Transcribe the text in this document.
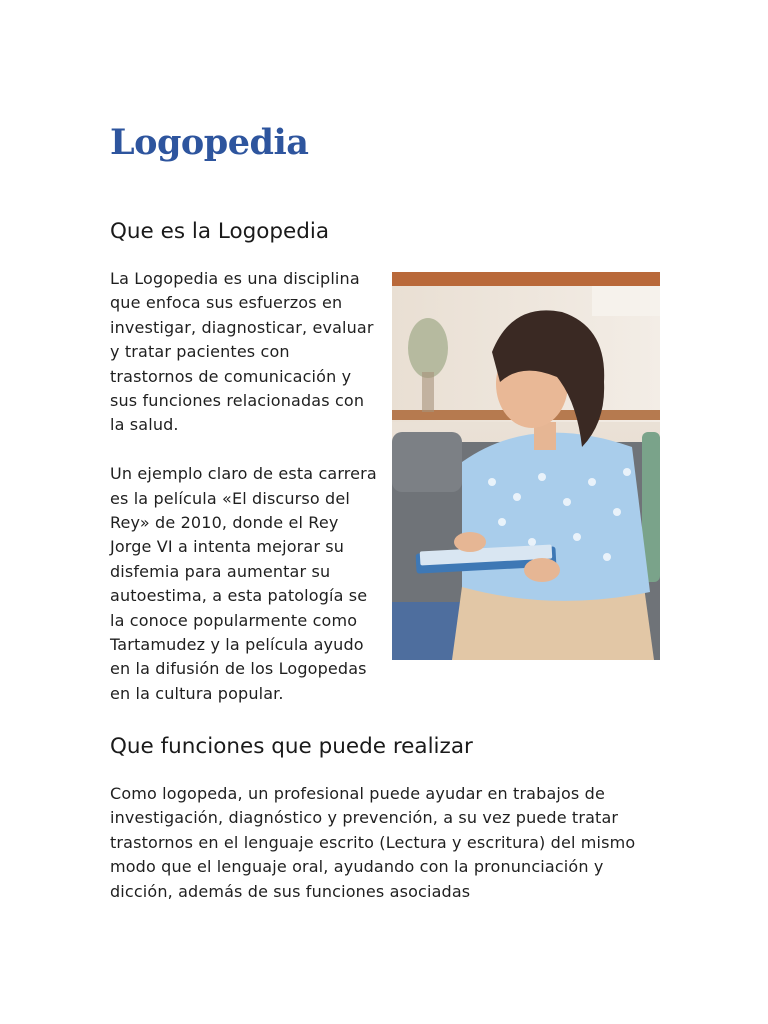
Logopedia
Que es la Logopedia

La Logopedia es una disciplina que enfoca sus esfuerzos en investigar, diagnosticar, evaluar y tratar pacientes con trastornos de comunicación y sus funciones relacionadas con la salud.

Un ejemplo claro de esta carrera es la película «El discurso del Rey» de 2010, donde el Rey Jorge VI a intenta mejorar su disfemia para aumentar su autoestima, a esta patología se la conoce popularmente como Tartamudez y la película ayudo en la difusión de los Logopedas en la cultura popular.

Que funciones que puede realizar

Como logopeda, un profesional puede ayudar en trabajos de investigación, diagnóstico y prevención, a su vez puede tratar trastornos en el lenguaje escrito (Lectura y escritura) del mismo modo que el lenguaje oral, ayudando con la pronunciación y dicción, además de sus funciones asociadas
